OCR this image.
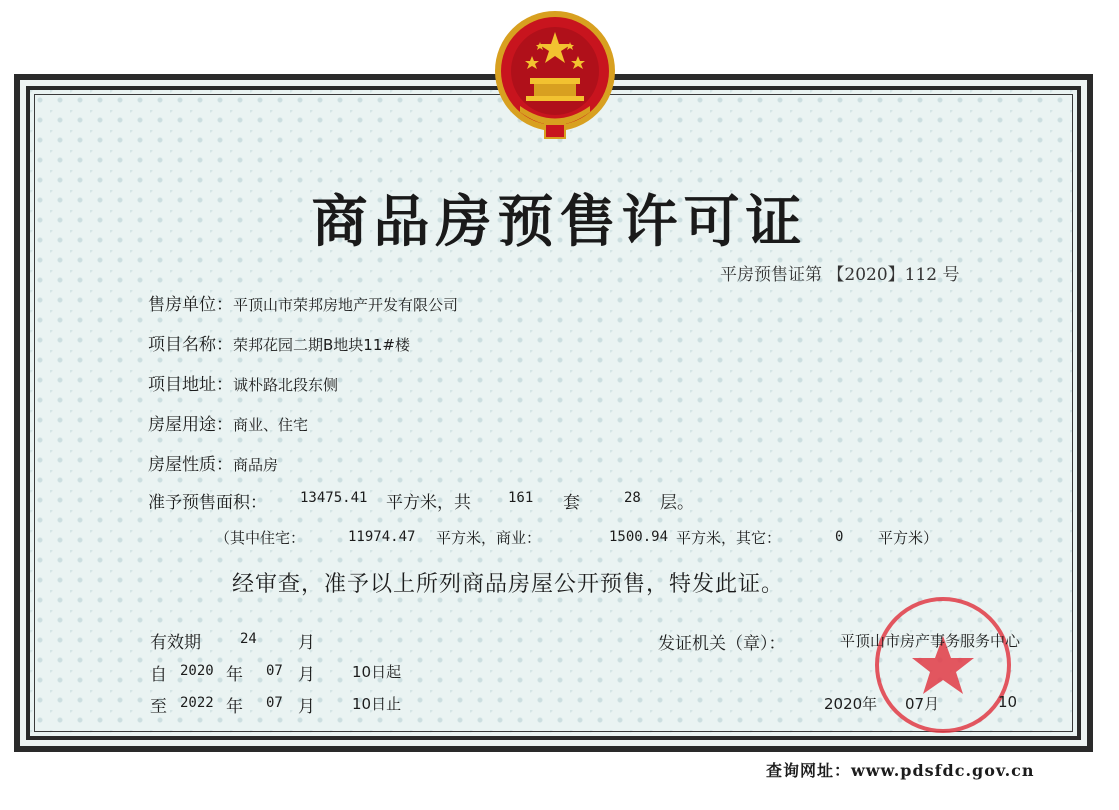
商品房预售许可证
平房预售证第 【2020】112 号
售房单位：平顶山市荣邦房地产开发有限公司
项目名称：荣邦花园二期B地块11#楼
项目地址：诚朴路北段东侧
房屋用途：商业、住宅
房屋性质：商品房
准予预售面积： 13475.41 平方米，共	161 套	28 层。
（其中住宅：	11974.47 平方米，商业：	1500.94 平方米，其它：	0 平方米）
经审查，准予以上所列商品房屋公开预售，特发此证。
有效期	24 月
自 2020 年 07 月 10日起
至 2022 年 07 月 10日止
发证机关（章）：	平顶山市房产事务服务中心
2020年 07月	10
查询网址：www.pdsfdc.gov.cn
